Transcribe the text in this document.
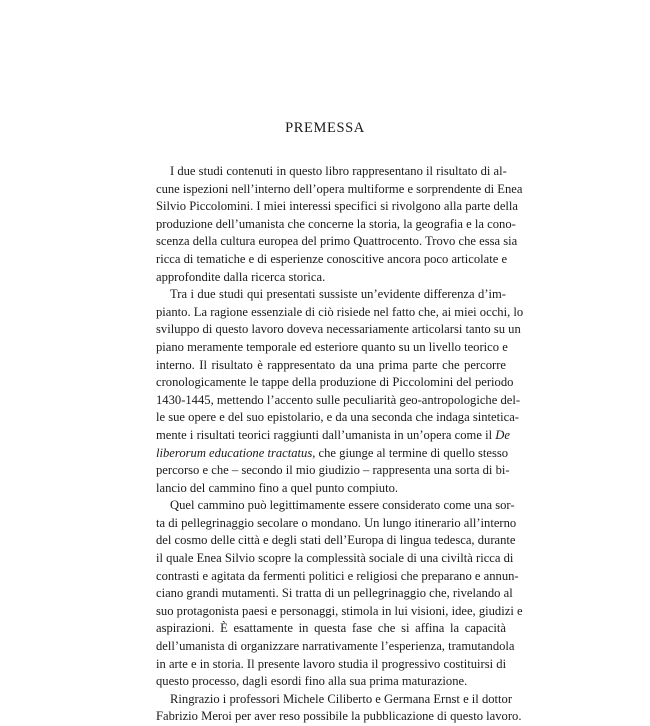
PREMESSA
I due studi contenuti in questo libro rappresentano il risultato di al-
cune ispezioni nell’interno dell’opera multiforme e sorprendente di Enea
Silvio Piccolomini. I miei interessi specifici si rivolgono alla parte della
produzione dell’umanista che concerne la storia, la geografia e la cono-
scenza della cultura europea del primo Quattrocento. Trovo che essa sia
ricca di tematiche e di esperienze conoscitive ancora poco articolate e
approfondite dalla ricerca storica.
Tra i due studi qui presentati sussiste un’evidente differenza d’im-
pianto. La ragione essenziale di ciò risiede nel fatto che, ai miei occhi, lo
sviluppo di questo lavoro doveva necessariamente articolarsi tanto su un
piano meramente temporale ed esteriore quanto su un livello teorico e
interno. Il risultato è rappresentato da una prima parte che percorre
cronologicamente le tappe della produzione di Piccolomini del periodo
1430-1445, mettendo l’accento sulle peculiarità geo-antropologiche del-
le sue opere e del suo epistolario, e da una seconda che indaga sinteticа-
mente i risultati teorici raggiunti dall’umanista in un’opera come il De
liberorum educatione tractatus, che giunge al termine di quello stesso
percorso e che – secondo il mio giudizio – rappresenta una sorta di bi-
lancio del cammino fino a quel punto compiuto.
Quel cammino può legittimamente essere considerato come una sor-
ta di pellegrinaggio secolare o mondano. Un lungo itinerario all’interno
del cosmo delle città e degli stati dell’Europa di lingua tedesca, durante
il quale Enea Silvio scopre la complessità sociale di una civiltà ricca di
contrasti e agitata da fermenti politici e religiosi che preparano e annun-
ciano grandi mutamenti. Si tratta di un pellegrinaggio che, rivelando al
suo protagonista paesi e personaggi, stimola in lui visioni, idee, giudizi e
aspirazioni. È esattamente in questa fase che si affina la capacità
dell’umanista di organizzare narrativamente l’esperienza, tramutandola
in arte e in storia. Il presente lavoro studia il progressivo costituirsi di
questo processo, dagli esordi fino alla sua prima maturazione.
Ringrazio i professori Michele Ciliberto e Germana Ernst e il dottor
Fabrizio Meroi per aver reso possibile la pubblicazione di questo lavoro.
